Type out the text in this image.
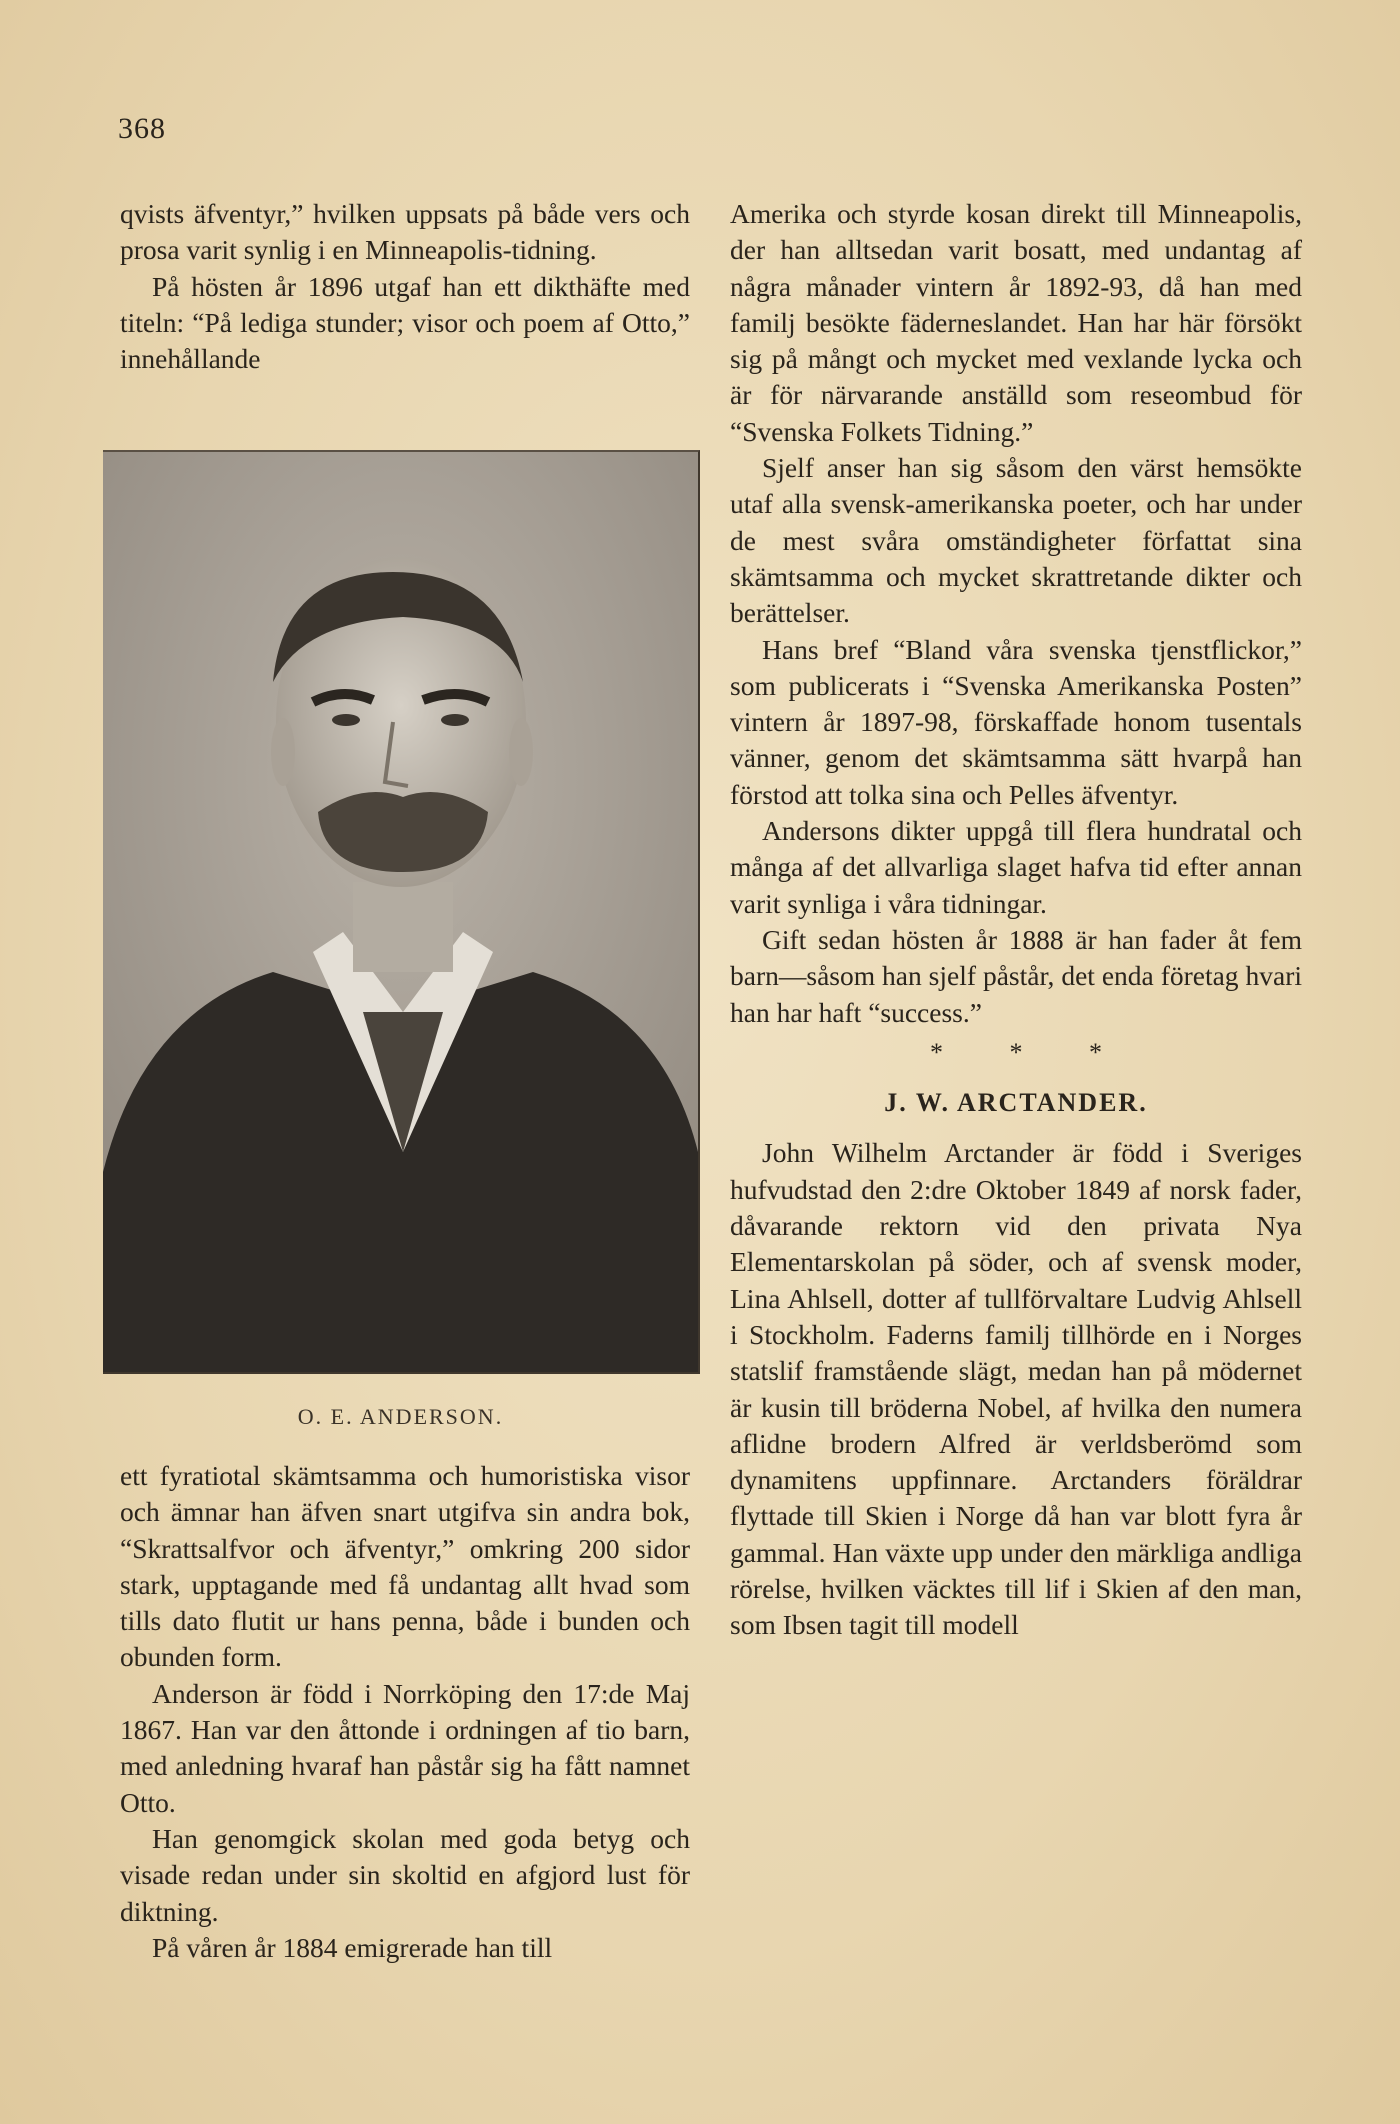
368

qvists äfventyr,” hvilken uppsats på både vers och prosa varit synlig i en Minneapolis-tidning.

På hösten år 1896 utgaf han ett dikthäfte med titeln: “På lediga stunder; visor och poem af Otto,” innehållande

O. E. ANDERSON.

ett fyratiotal skämtsamma och humoristiska visor och ämnar han äfven snart utgifva sin andra bok, “Skrattsalfvor och äfventyr,” omkring 200 sidor stark, upptagande med få undantag allt hvad som tills dato flutit ur hans penna, både i bunden och obunden form.

Anderson är född i Norrköping den 17:de Maj 1867. Han var den åttonde i ordningen af tio barn, med anledning hvaraf han påstår sig ha fått namnet Otto.

Han genomgick skolan med goda betyg och visade redan under sin skoltid en afgjord lust för diktning.

På våren år 1884 emigrerade han till

Amerika och styrde kosan direkt till Minneapolis, der han alltsedan varit bosatt, med undantag af några månader vintern år 1892-93, då han med familj besökte fäderneslandet. Han har här försökt sig på mångt och mycket med vexlande lycka och är för närvarande anställd som reseombud för “Svenska Folkets Tidning.”

Sjelf anser han sig såsom den värst hemsökte utaf alla svensk-amerikanska poeter, och har under de mest svåra omständigheter författat sina skämtsamma och mycket skrattretande dikter och berättelser.

Hans bref “Bland våra svenska tjenstflickor,” som publicerats i “Svenska Amerikanska Posten” vintern år 1897-98, förskaffade honom tusentals vänner, genom det skämtsamma sätt hvarpå han förstod att tolka sina och Pelles äfventyr.

Andersons dikter uppgå till flera hundratal och många af det allvarliga slaget hafva tid efter annan varit synliga i våra tidningar.

Gift sedan hösten år 1888 är han fader åt fem barn—såsom han sjelf påstår, det enda företag hvari han har haft “success.”

* * *
J. W. ARCTANDER.

John Wilhelm Arctander är född i Sveriges hufvudstad den 2:dre Oktober 1849 af norsk fader, dåvarande rektorn vid den privata Nya Elementarskolan på söder, och af svensk moder, Lina Ahlsell, dotter af tullförvaltare Ludvig Ahlsell i Stockholm. Faderns familj tillhörde en i Norges statslif framstående slägt, medan han på mödernet är kusin till bröderna Nobel, af hvilka den numera aflidne brodern Alfred är verldsberömd som dynamitens uppfinnare. Arctanders föräldrar flyttade till Skien i Norge då han var blott fyra år gammal. Han växte upp under den märkliga andliga rörelse, hvilken väcktes till lif i Skien af den man, som Ibsen tagit till modell
